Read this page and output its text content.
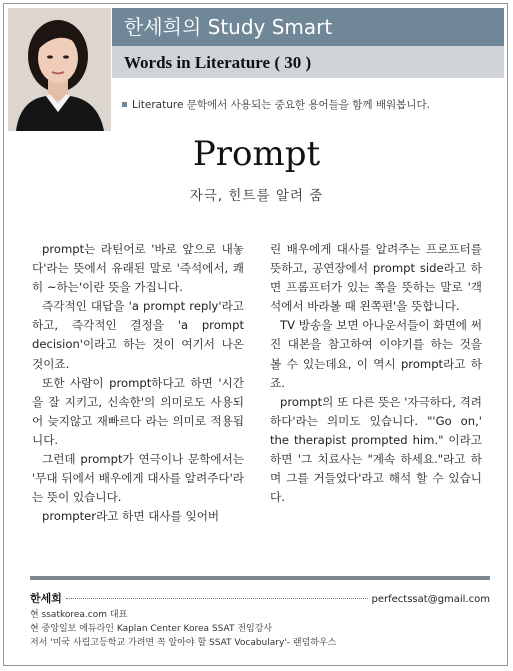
한세희의 Study Smart
Words in Literature ( 30 )
Literature 문학에서 사용되는 중요한 용어들을 함께 배워봅니다.
Prompt
자극, 힌트를 알려 줌

prompt는 라틴어로 '바로 앞으로 내놓다'라는 뜻에서 유래된 말로 '즉석에서, 쾌히 ~하는'이란 뜻을 가집니다.

즉각적인 대답을 'a prompt reply'라고 하고, 즉각적인 결정을 'a prompt decision'이라고 하는 것이 여기서 나온 것이죠.

또한 사람이 prompt하다고 하면 '시간을 잘 지키고, 신속한'의 의미로도 사용되어 늦지않고 재빠르다 라는 의미로 적용됩니다.

그런데 prompt가 연극이나 문학에서는 '무대 뒤에서 배우에게 대사를 알려주다'라는 뜻이 있습니다.

prompter라고 하면 대사를 잊어버

린 배우에게 대사를 알려주는 프로프터를 뜻하고, 공연장에서 prompt side라고 하면 프롬프터가 있는 쪽을 뜻하는 말로 '객석에서 바라볼 때 왼쪽편'을 뜻합니다.

TV 방송을 보면 아나운서들이 화면에 써진 대본을 참고하여 이야기를 하는 것을 볼 수 있는데요, 이 역시 prompt라고 하죠.

prompt의 또 다른 뜻은 '자극하다, 격려하다'라는 의미도 있습니다. "'Go on,' the therapist prompted him." 이라고 하면 '그 치료사는 "계속 하세요."라고 하며 그를 거들었다'라고 해석 할 수 있습니다.

한세희	perfectssat@gmail.com
현 ssatkorea.com 대표
현 중앙일보 에듀라인 Kaplan Center Korea SSAT 전임강사
저서 '미국 사립고등학교 가려면 꼭 알아야 할 SSAT Vocabulary'- 랜덤하우스
